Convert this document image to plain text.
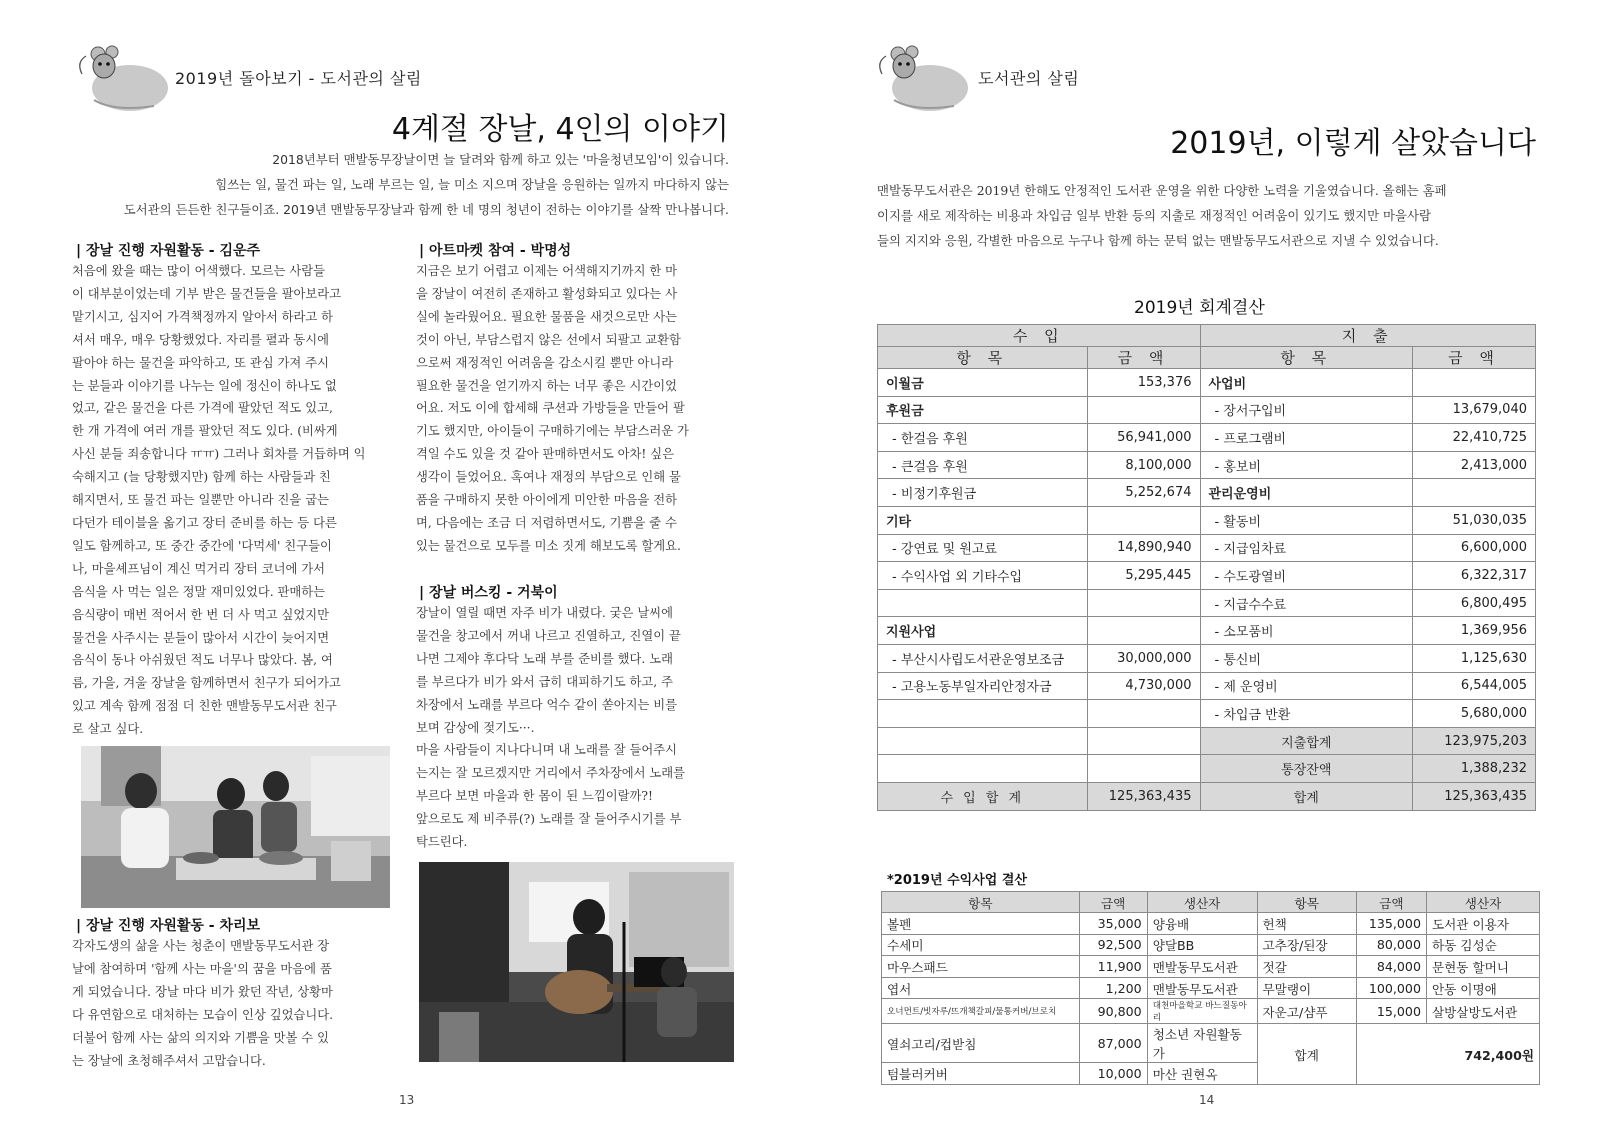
2019년 돌아보기 - 도서관의 살림
4계절 장날, 4인의 이야기

2018년부터 맨발동무장날이면 늘 달려와 함께 하고 있는 '마을청년모임'이 있습니다.

힘쓰는 일, 물건 파는 일, 노래 부르는 일, 늘 미소 지으며 장날을 응원하는 일까지 마다하지 않는

도서관의 든든한 친구들이죠. 2019년 맨발동무장날과 함께 한 네 명의 청년이 전하는 이야기를 살짝 만나봅니다.

| 장날 진행 자원활동 - 김운주
처음에 왔을 때는 많이 어색했다. 모르는 사람들
이 대부분이었는데 기부 받은 물건들을 팔아보라고
맡기시고, 심지어 가격책정까지 알아서 하라고 하
셔서 매우, 매우 당황했었다. 자리를 펼과 동시에
팔아야 하는 물건을 파악하고, 또 관심 가져 주시
는 분들과 이야기를 나누는 일에 정신이 하나도 없
었고, 같은 물건을 다른 가격에 팔았던 적도 있고,
한 개 가격에 여러 개를 팔았던 적도 있다. (비싸게
사신 분들 죄송합니다 ㅠㅠ) 그러나 회차를 거듭하며 익
숙해지고 (늘 당황했지만) 함께 하는 사람들과 친
해지면서, 또 물건 파는 일뿐만 아니라 진을 굽는
다던가 테이블을 옮기고 장터 준비를 하는 등 다른
일도 함께하고, 또 중간 중간에 '다먹세' 친구들이
나, 마을셰프님이 계신 먹거리 장터 코너에 가서
음식을 사 먹는 일은 정말 재미있었다. 판매하는
음식량이 매번 적어서 한 번 더 사 먹고 싶었지만
물건을 사주시는 분들이 많아서 시간이 늦어지면
음식이 동나 아쉬웠던 적도 너무나 많았다. 봄, 여
름, 가을, 겨울 장날을 함께하면서 친구가 되어가고
있고 계속 함께 점점 더 친한 맨발동무도서관 친구
로 살고 싶다.
| 아트마켓 참여 - 박명성
지금은 보기 어렵고 이제는 어색해지기까지 한 마
을 장날이 여전히 존재하고 활성화되고 있다는 사
실에 놀라웠어요. 필요한 물품을 새것으로만 사는
것이 아닌, 부담스럽지 않은 선에서 되팔고 교환함
으로써 재정적인 어려움을 감소시킬 뿐만 아니라
필요한 물건을 얻기까지 하는 너무 좋은 시간이었
어요. 저도 이에 합세해 쿠션과 가방들을 만들어 팔
기도 했지만, 아이들이 구매하기에는 부담스러운 가
격일 수도 있을 것 같아 판매하면서도 아차! 싶은
생각이 들었어요. 혹여나 재정의 부담으로 인해 물
품을 구매하지 못한 아이에게 미안한 마음을 전하
며, 다음에는 조금 더 저렴하면서도, 기쁨을 줄 수
있는 물건으로 모두를 미소 짓게 해보도록 할게요.
| 장날 버스킹 - 거북이
장날이 열릴 때면 자주 비가 내렸다. 궂은 날씨에
물건을 창고에서 꺼내 나르고 진열하고, 진열이 끝
나면 그제야 후다닥 노래 부를 준비를 했다. 노래
를 부르다가 비가 와서 급히 대피하기도 하고, 주
차장에서 노래를 부르다 억수 같이 쏟아지는 비를
보며 감상에 젖기도···.
마을 사람들이 지나다니며 내 노래를 잘 들어주시
는지는 잘 모르겠지만 거리에서 주차장에서 노래를
부르다 보면 마을과 한 몸이 된 느낌이랄까?!
앞으로도 제 비주류(?) 노래를 잘 들어주시기를 부
탁드린다.
| 장날 진행 자원활동 - 차리보
각자도생의 삶을 사는 청춘이 맨발동무도서관 장
날에 참여하며 '함께 사는 마을'의 꿈을 마음에 품
게 되었습니다. 장날 마다 비가 왔던 작년, 상황마
다 유연함으로 대처하는 모습이 인상 깊었습니다.
더불어 함께 사는 삶의 의지와 기쁨을 맛볼 수 있
는 장날에 초청해주셔서 고맙습니다.
13
도서관의 살림
2019년, 이렇게 살았습니다

맨발동무도서관은 2019년 한해도 안정적인 도서관 운영을 위한 다양한 노력을 기울였습니다. 올해는 홈페

이지를 새로 제작하는 비용과 차입금 일부 반환 등의 지출로 재정적인 어려움이 있기도 했지만 마을사람

들의 지지와 응원, 각별한 마음으로 누구나 함께 하는 문턱 없는 맨발동무도서관으로 지낼 수 있었습니다.

2019년 회계결산
수 입		지 출	
항 목	금 액	항 목	금 액
이월금	153,376	사업비	
후원금		- 장서구입비	13,679,040
- 한걸음 후원	56,941,000	- 프로그램비	22,410,725
- 큰걸음 후원	8,100,000	- 홍보비	2,413,000
- 비정기후원금	5,252,674	관리운영비	
기타		- 활동비	51,030,035
- 강연료 및 원고료	14,890,940	- 지급임차료	6,600,000
- 수익사업 외 기타수입	5,295,445	- 수도광열비	6,322,317
		- 지급수수료	6,800,495
지원사업		- 소모품비	1,369,956
- 부산시사립도서관운영보조금	30,000,000	- 통신비	1,125,630
- 고용노동부일자리안정자금	4,730,000	- 제 운영비	6,544,005
		- 차입금 반환	5,680,000
		지출합계	123,975,203
		통장잔액	1,388,232
수 입 합 계	125,363,435	합계	125,363,435
*2019년 수익사업 결산
항목	금액	생산자	항목	금액	생산자
볼펜	35,000	양융배	헌책	135,000	도서관 이용자
수세미	92,500	양달BB	고추장/된장	80,000	하동 김성순
마우스패드	11,900	맨발동무도서관	젓갈	84,000	문현동 할머니
엽서	1,200	맨발동무도서관	무말랭이	100,000	안동 이명애
오너먼트/빗자루/뜨개책갈피/물통커버/브로치	90,800	대천마을학교 바느질동아리	자운고/샴푸	15,000	살방살방도서관
열쇠고리/컵받침	87,000	청소년 자원활동가	합계	742,400원	
텀블러커버	10,000	마산 권현옥			
14
